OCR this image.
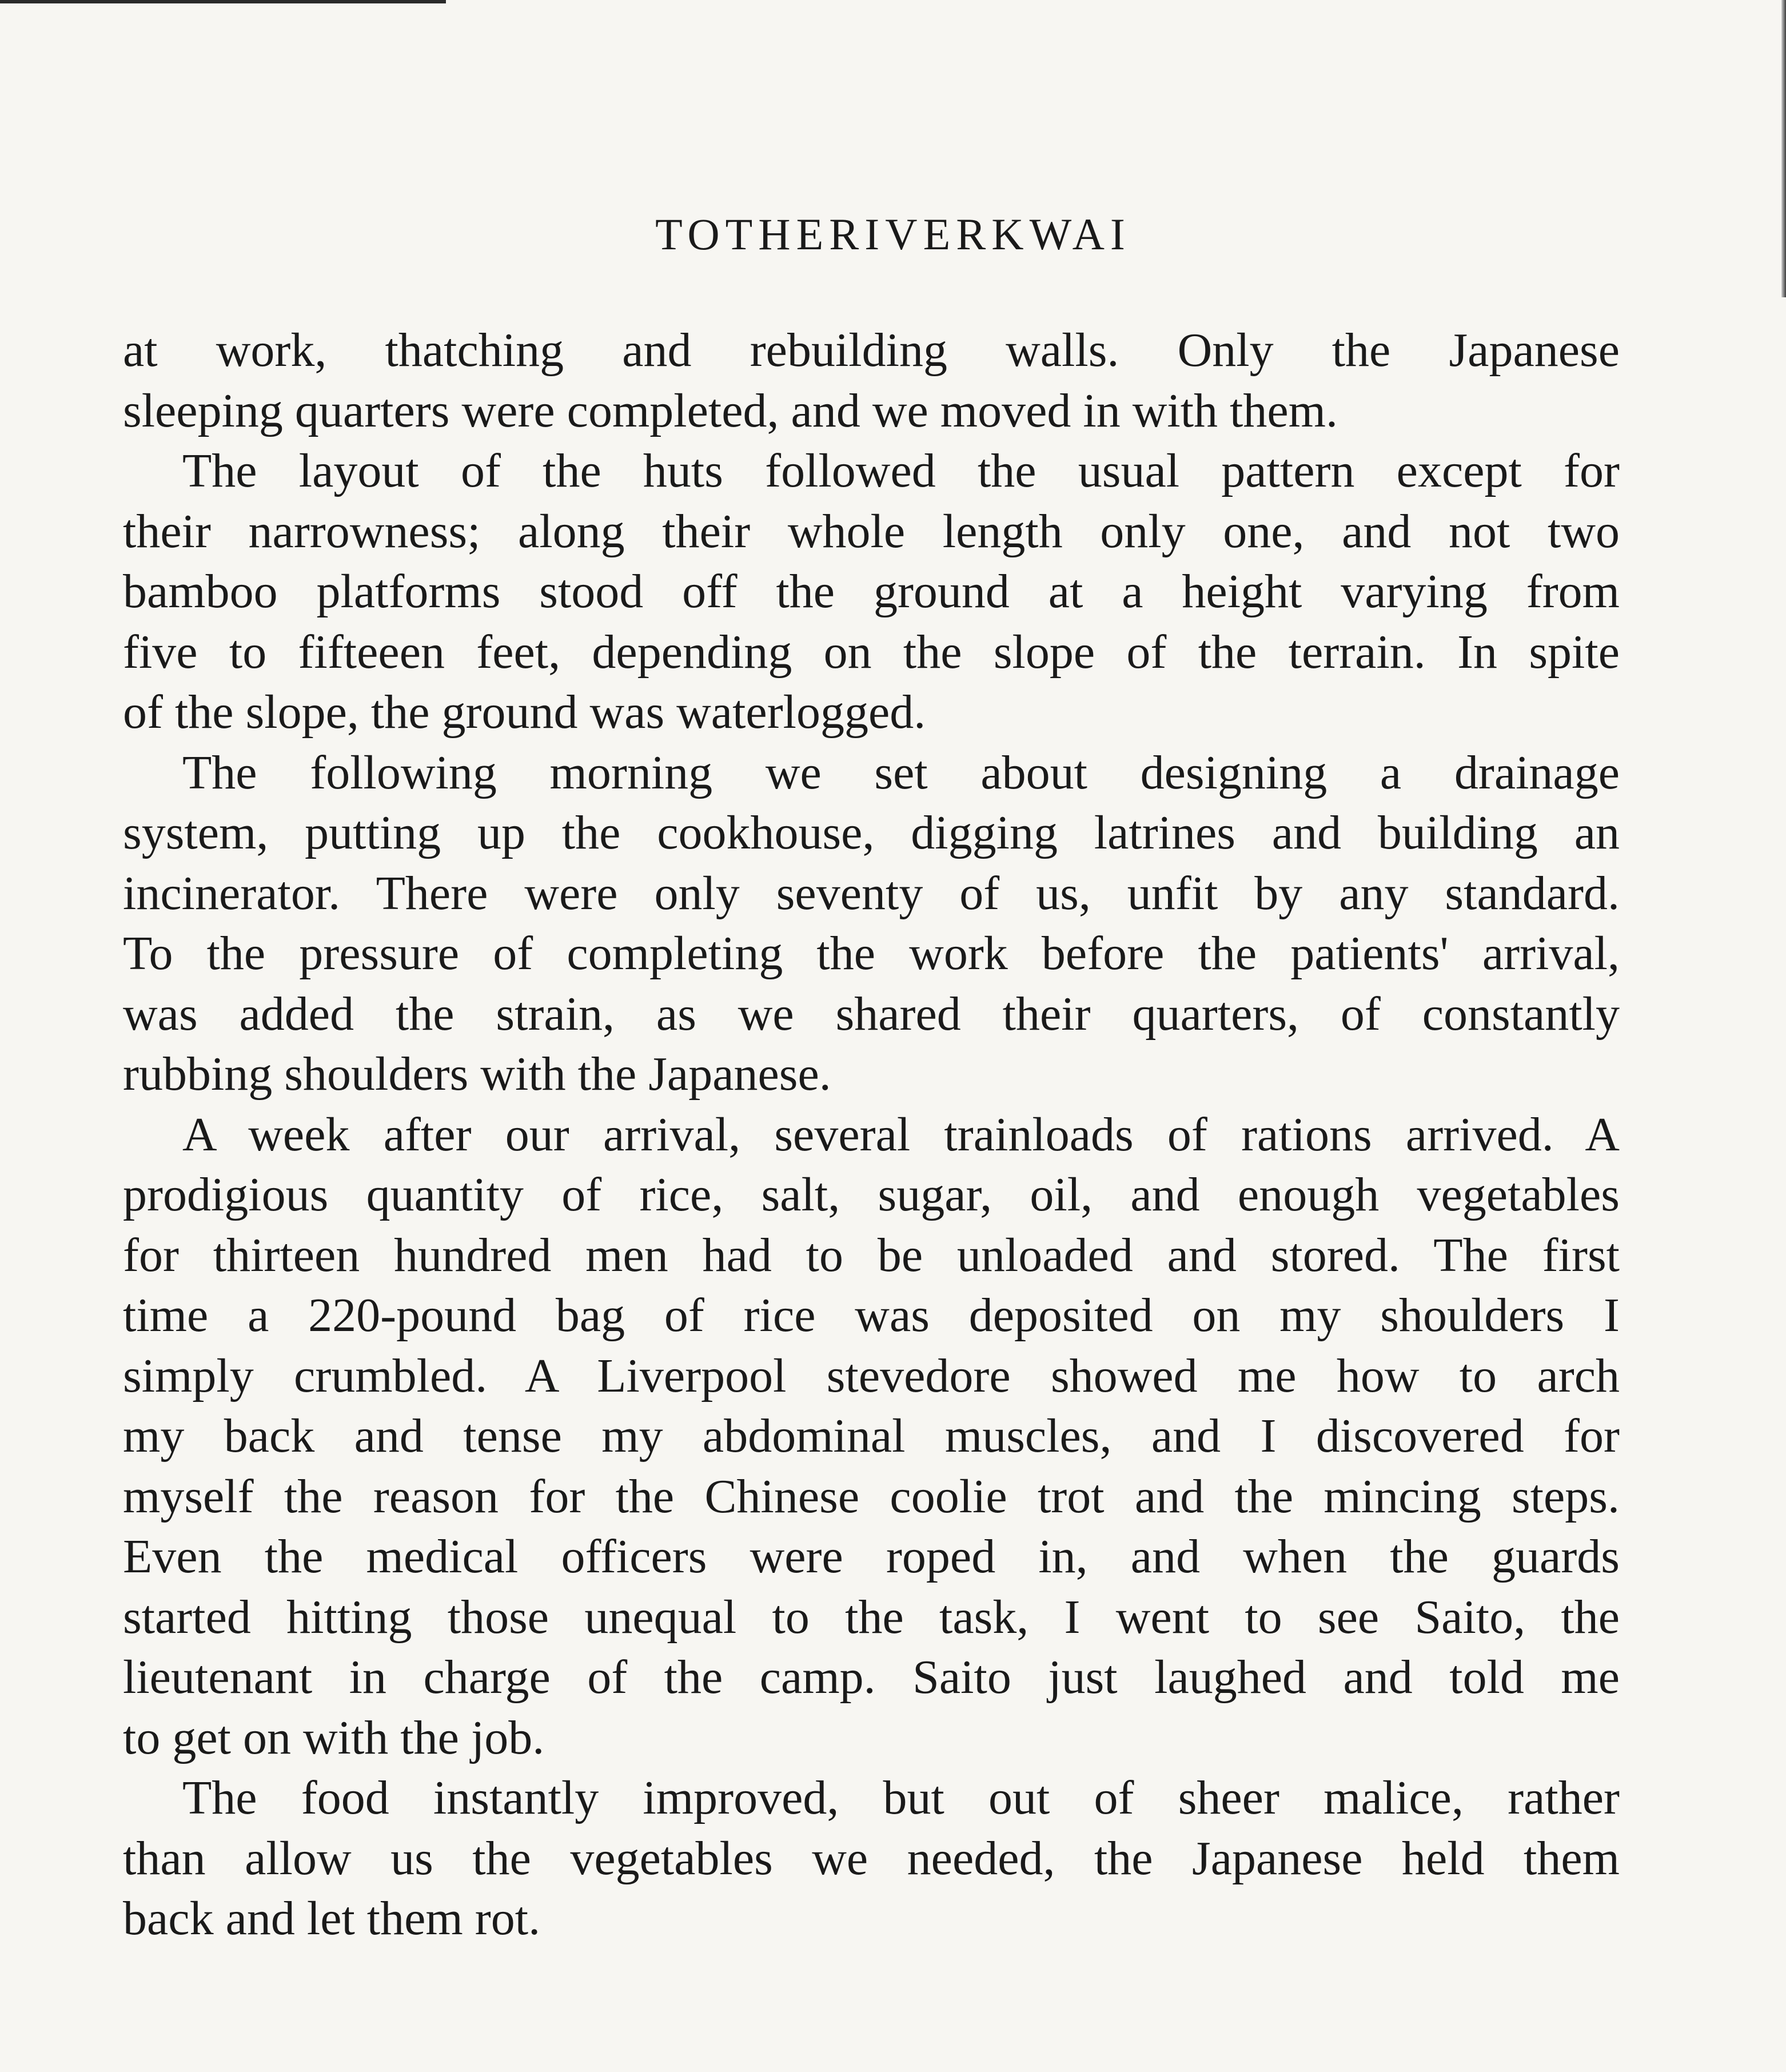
TOTHERIVERKWAI
at work, thatching and rebuilding walls. Only the Japanese
sleeping quarters were completed, and we moved in with them.
The layout of the huts followed the usual pattern except for
their narrowness; along their whole length only one, and not two
bamboo platforms stood off the ground at a height varying from
five to fifteeen feet, depending on the slope of the terrain. In spite
of the slope, the ground was waterlogged.
The following morning we set about designing a drainage
system, putting up the cookhouse, digging latrines and building an
incinerator. There were only seventy of us, unfit by any standard.
To the pressure of completing the work before the patients' arrival,
was added the strain, as we shared their quarters, of constantly
rubbing shoulders with the Japanese.
A week after our arrival, several trainloads of rations arrived. A
prodigious quantity of rice, salt, sugar, oil, and enough vegetables
for thirteen hundred men had to be unloaded and stored. The first
time a 220-pound bag of rice was deposited on my shoulders I
simply crumbled. A Liverpool stevedore showed me how to arch
my back and tense my abdominal muscles, and I discovered for
myself the reason for the Chinese coolie trot and the mincing steps.
Even the medical officers were roped in, and when the guards
started hitting those unequal to the task, I went to see Saito, the
lieutenant in charge of the camp. Saito just laughed and told me
to get on with the job.
The food instantly improved, but out of sheer malice, rather
than allow us the vegetables we needed, the Japanese held them
back and let them rot.
